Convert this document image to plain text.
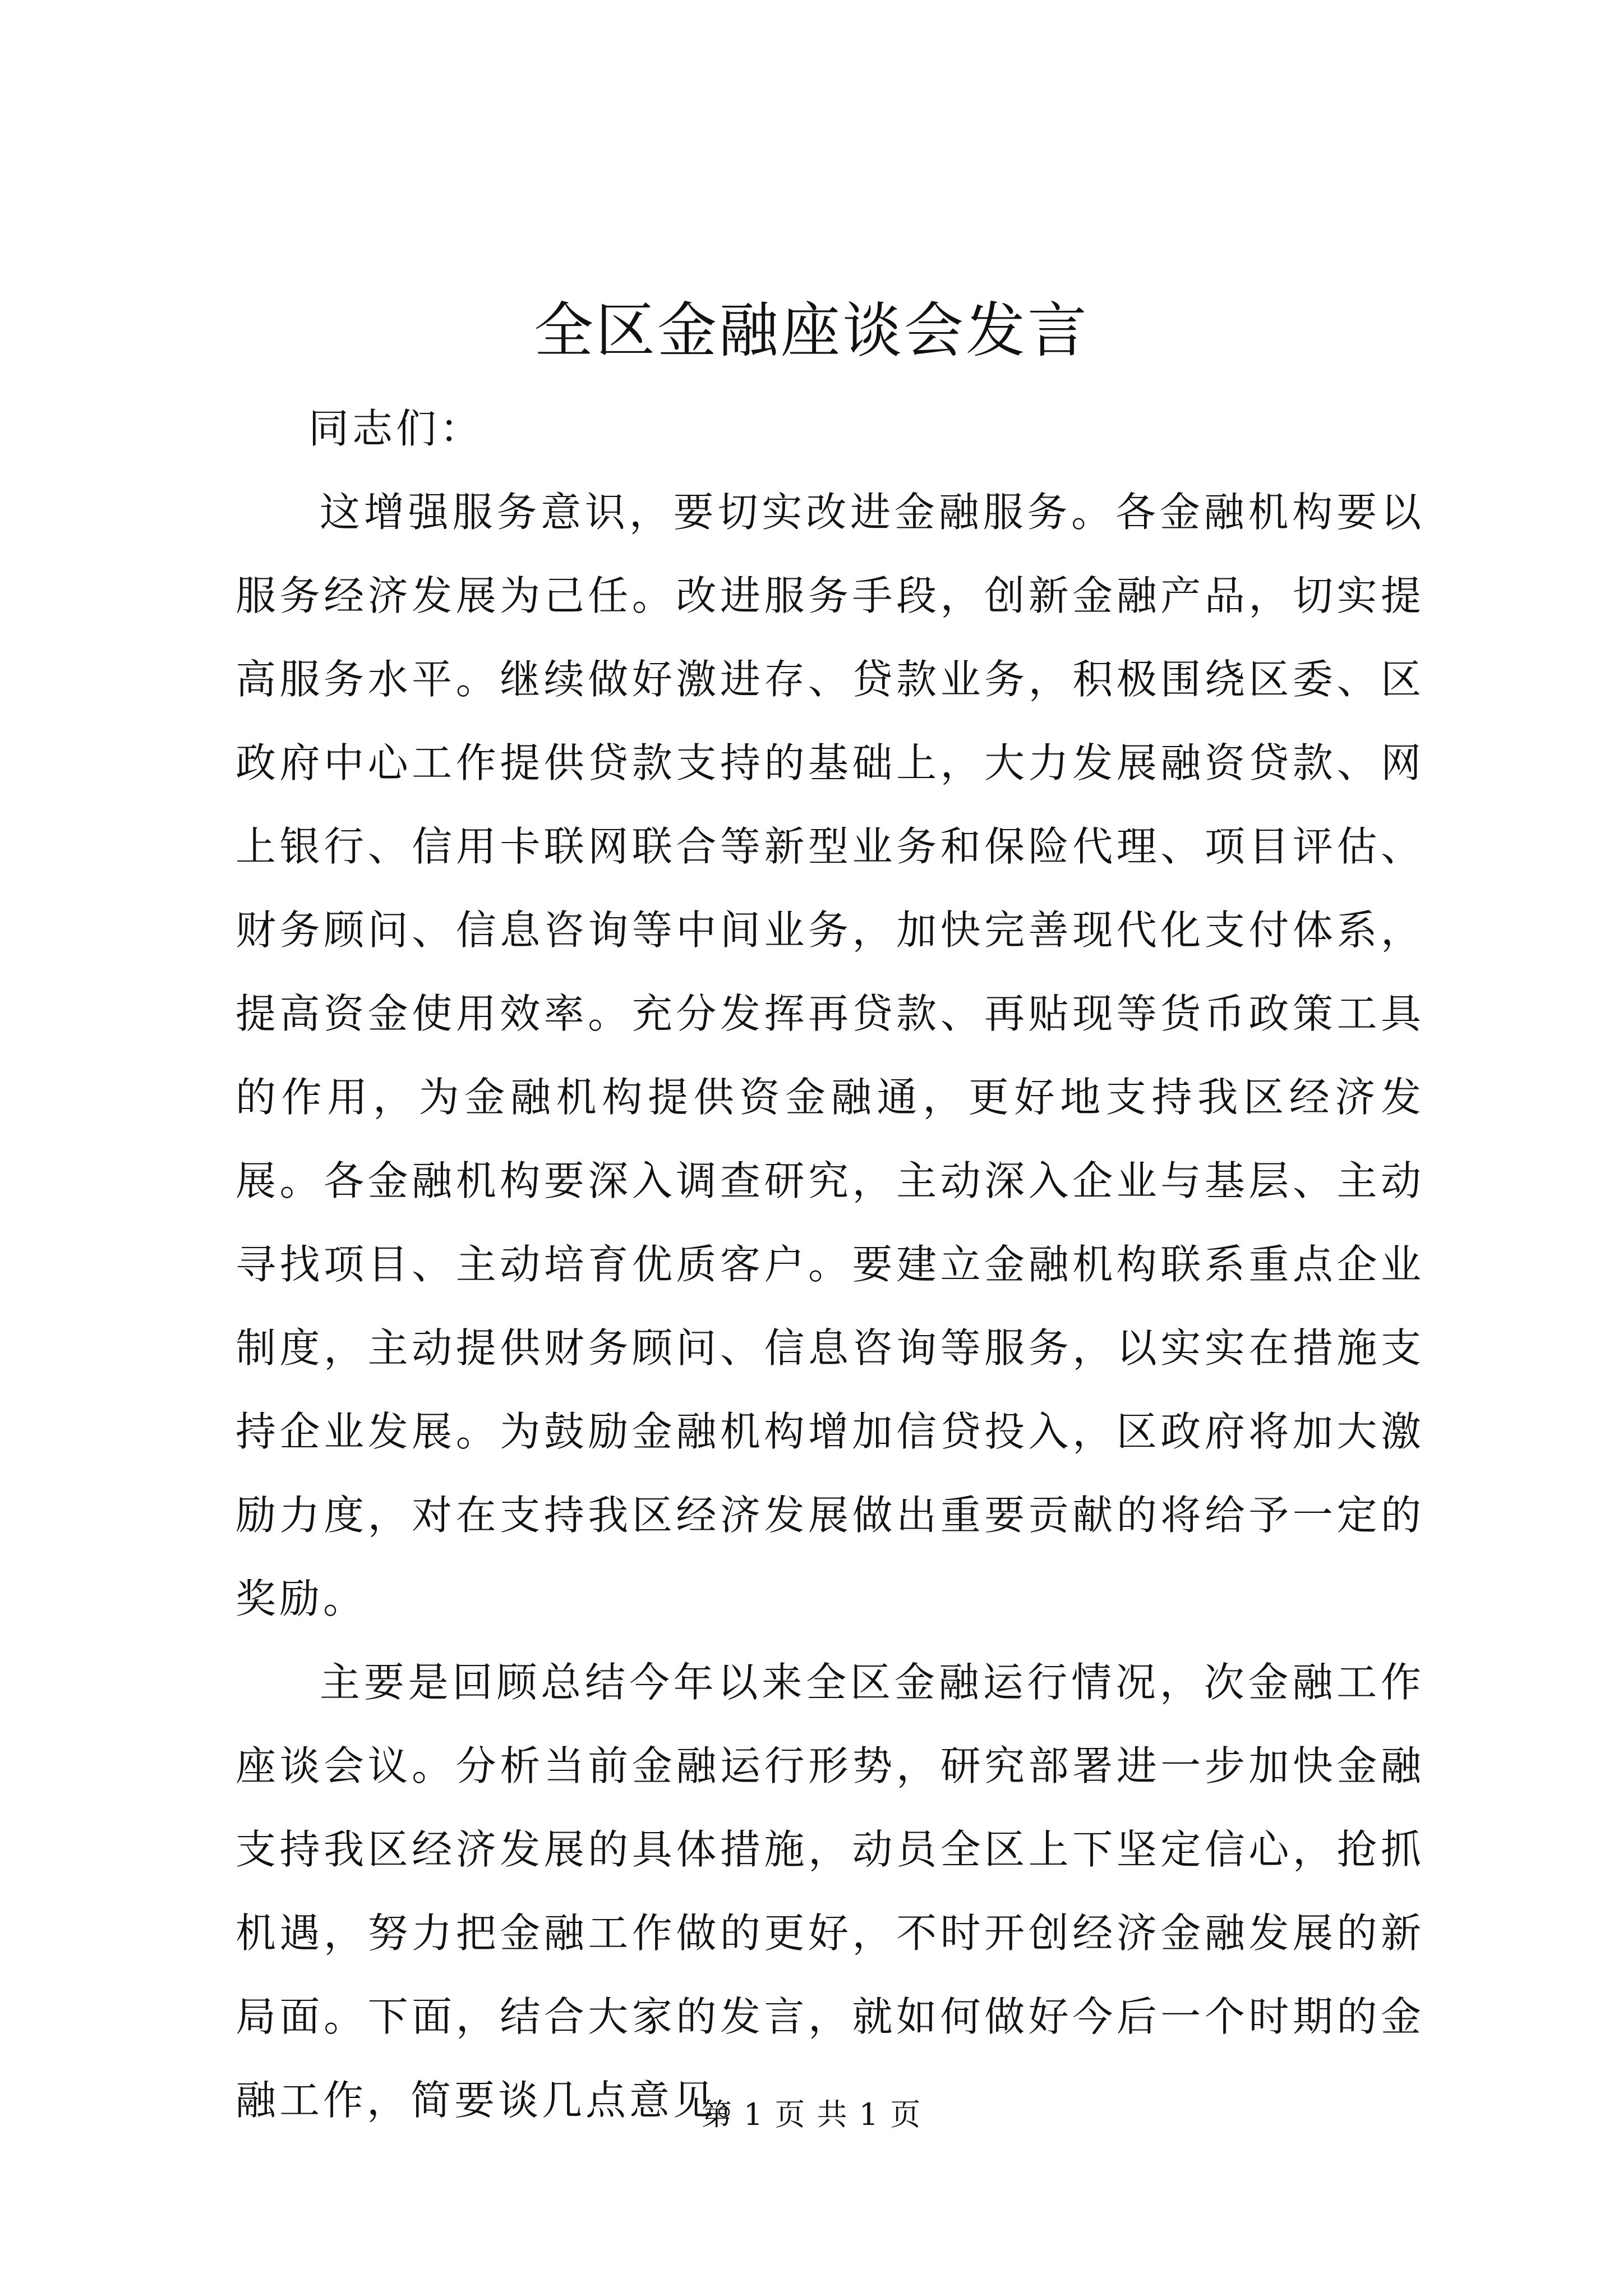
全区金融座谈会发言

同志们：

这增强服务意识，要切实改进金融服务。各金融机构要以服务经济发展为己任。改进服务手段，创新金融产品，切实提高服务水平。继续做好激进存、贷款业务，积极围绕区委、区政府中心工作提供贷款支持的基础上，大力发展融资贷款、网上银行、信用卡联网联合等新型业务和保险代理、项目评估、财务顾问、信息咨询等中间业务，加快完善现代化支付体系，提高资金使用效率。充分发挥再贷款、再贴现等货币政策工具的作用，为金融机构提供资金融通，更好地支持我区经济发展。各金融机构要深入调查研究，主动深入企业与基层、主动寻找项目、主动培育优质客户。要建立金融机构联系重点企业制度，主动提供财务顾问、信息咨询等服务，以实实在措施支持企业发展。为鼓励金融机构增加信贷投入，区政府将加大激励力度，对在支持我区经济发展做出重要贡献的将给予一定的奖励。

主要是回顾总结今年以来全区金融运行情况，次金融工作座谈会议。分析当前金融运行形势，研究部署进一步加快金融支持我区经济发展的具体措施，动员全区上下坚定信心，抢抓机遇，努力把金融工作做的更好，不时开创经济金融发展的新局面。下面，结合大家的发言，就如何做好今后一个时期的金融工作，简要谈几点意见。

第 1 页 共 1 页
